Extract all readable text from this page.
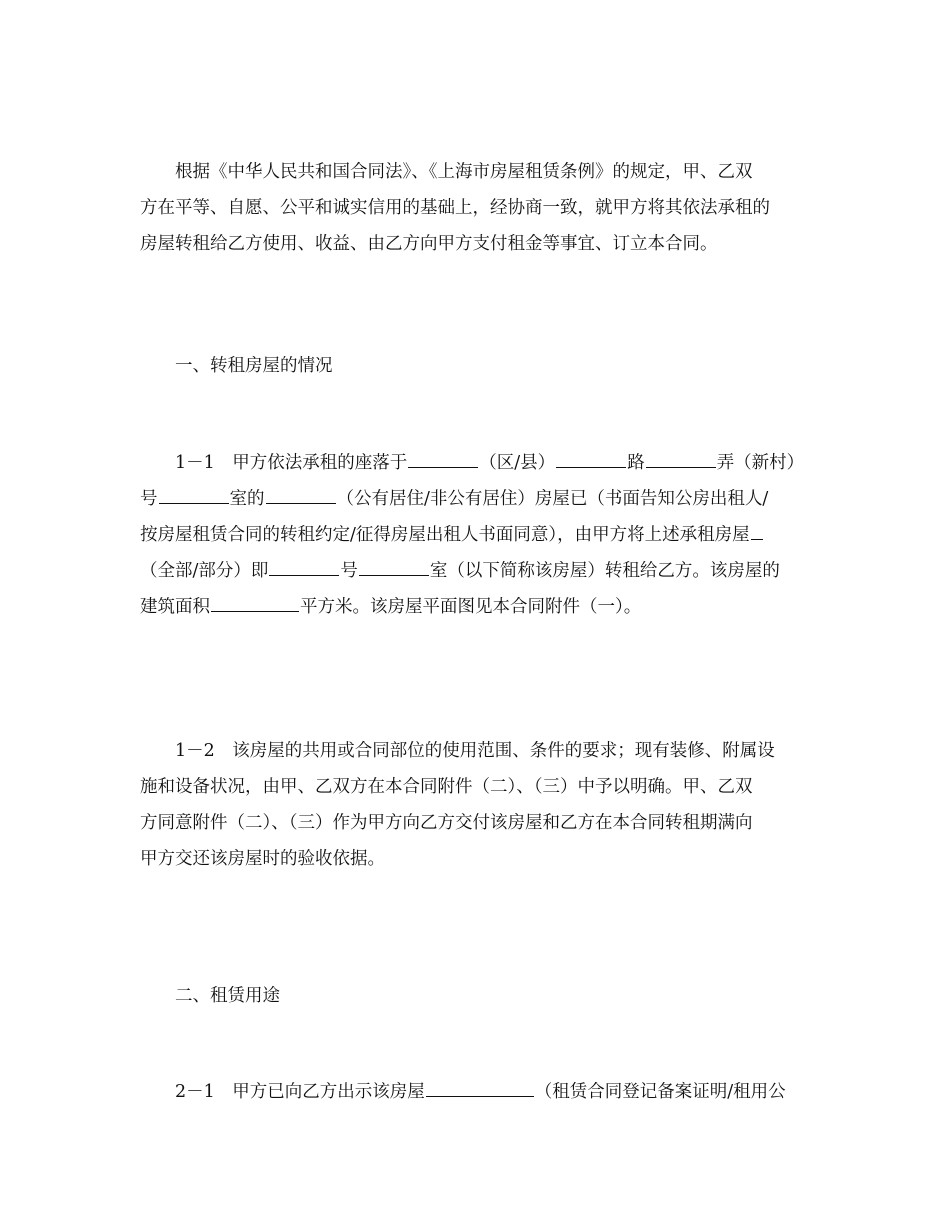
根据《中华人民共和国合同法》、《上海市房屋租赁条例》的规定，甲、乙双
方在平等、自愿、公平和诚实信用的基础上，经协商一致，就甲方将其依法承租的
房屋转租给乙方使用、收益、由乙方向甲方支付租金等事宜、订立本合同。
一、转租房屋的情况
1－1　甲方依法承租的座落于	（区/县）	路	弄（新村）
号	室的	（公有居住/非公有居住）房屋已（书面告知公房出租人/
按房屋租赁合同的转租约定/征得房屋出租人书面同意），由甲方将上述承租房屋
（全部/部分）即	号	室（以下简称该房屋）转租给乙方。该房屋的
建筑面积	平方米。该房屋平面图见本合同附件（一）。
1－2　该房屋的共用或合同部位的使用范围、条件的要求；现有装修、附属设
施和设备状况，由甲、乙双方在本合同附件（二）、（三）中予以明确。甲、乙双
方同意附件（二）、（三）作为甲方向乙方交付该房屋和乙方在本合同转租期满向
甲方交还该房屋时的验收依据。
二、租赁用途
2－1　甲方已向乙方出示该房屋	（租赁合同登记备案证明/租用公
